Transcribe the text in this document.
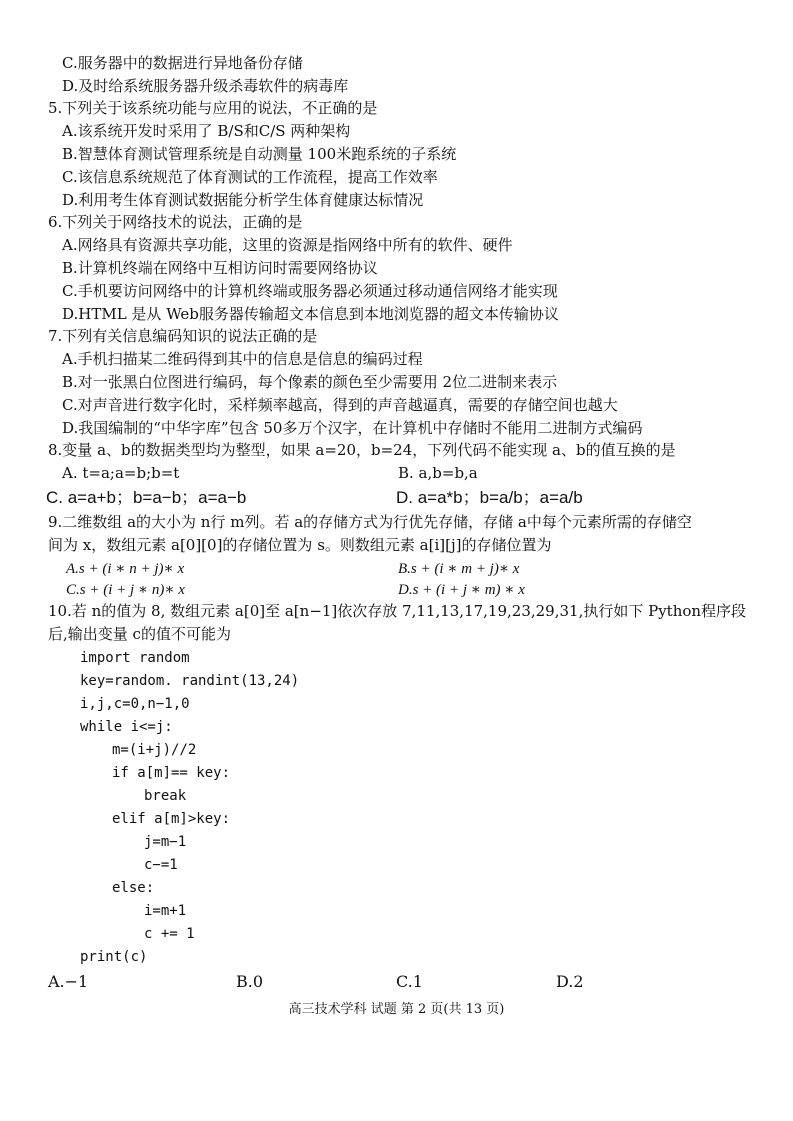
C.服务器中的数据进行异地备份存储
D.及时给系统服务器升级杀毒软件的病毒库
5.下列关于该系统功能与应用的说法，不正确的是
A.该系统开发时采用了 B/S和C/S 两种架构
B.智慧体育测试管理系统是自动测量 100米跑系统的子系统
C.该信息系统规范了体育测试的工作流程，提高工作效率
D.利用考生体育测试数据能分析学生体育健康达标情况
6.下列关于网络技术的说法，正确的是
A.网络具有资源共享功能，这里的资源是指网络中所有的软件、硬件
B.计算机终端在网络中互相访问时需要网络协议
C.手机要访问网络中的计算机终端或服务器必须通过移动通信网络才能实现
D.HTML 是从 Web服务器传输超文本信息到本地浏览器的超文本传输协议
7.下列有关信息编码知识的说法正确的是
A.手机扫描某二维码得到其中的信息是信息的编码过程
B.对一张黑白位图进行编码，每个像素的颜色至少需要用 2位二进制来表示
C.对声音进行数字化时，采样频率越高，得到的声音越逼真，需要的存储空间也越大
D.我国编制的“中华字库”包含 50多万个汉字，在计算机中存储时不能用二进制方式编码
8.变量 a、b的数据类型均为整型，如果 a=20，b=24，下列代码不能实现 a、b的值互换的是
A. t=a;a=b;b=t	B. a,b=b,a
C. a=a+b；b=a−b；a=a−b	D. a=a*b；b=a/b；a=a/b
9.二维数组 a的大小为 n行 m列。若 a的存储方式为行优先存储，存储 a中每个元素所需的存储空
间为 x，数组元素 a[0][0]的存储位置为 s。则数组元素 a[i][j]的存储位置为
A.s + (i ∗ n + j)∗ x	B.s + (i ∗ m + j)∗ x
C.s + (i + j ∗ n)∗ x	D.s + (i + j ∗ m) ∗ x
10.若 n的值为 8, 数组元素 a[0]至 a[n−1]依次存放 7,11,13,17,19,23,29,31,执行如下 Python程序段
后,输出变量 c的值不可能为
import random
key=random. randint(13,24)
i,j,c=0,n−1,0
while i<=j:
m=(i+j)//2
if a[m]== key:
break
elif a[m]>key:
j=m−1
c−=1
else:
i=m+1
c += 1
print(c)
A.−1	B.0	C.1	D.2
高三技术学科 试题 第 2 页(共 13 页)
